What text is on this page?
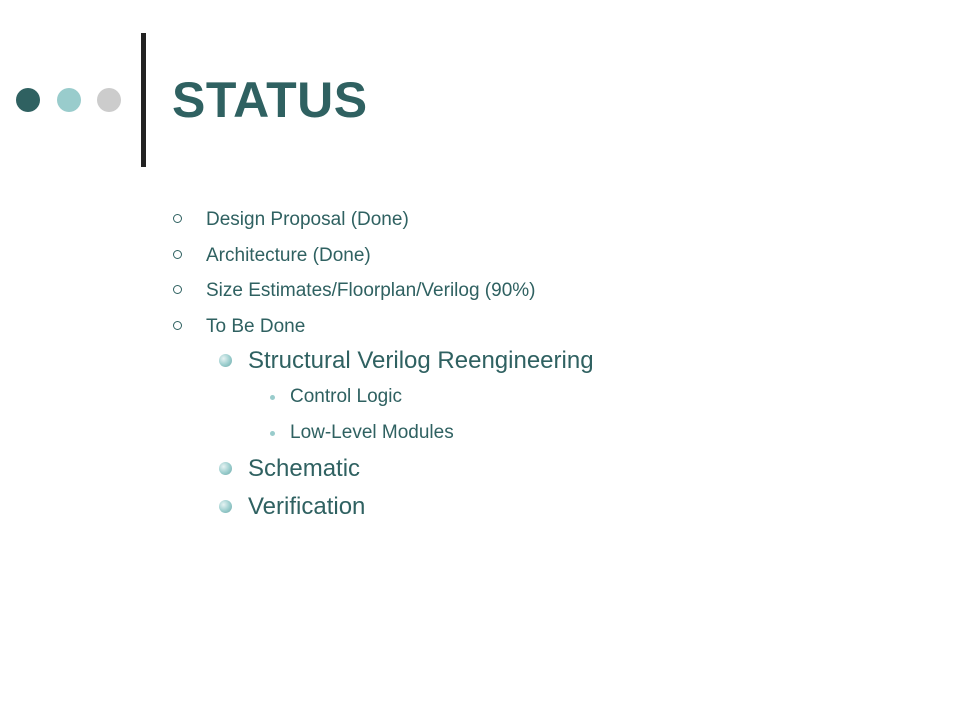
STATUS
Design Proposal (Done)
Architecture (Done)
Size Estimates/Floorplan/Verilog (90%)
To Be Done
Structural Verilog Reengineering
Control Logic
Low-Level Modules
Schematic
Verification
